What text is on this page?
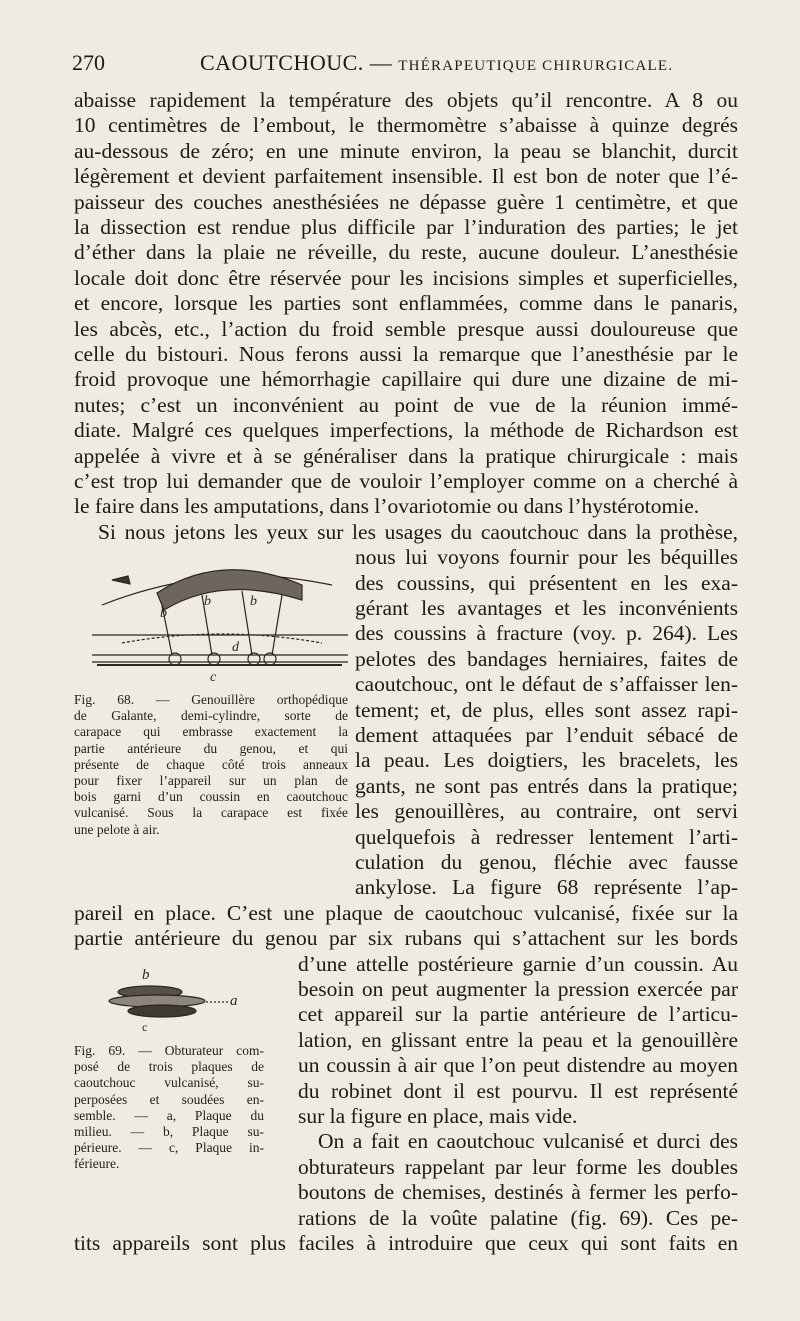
270	CAOUTCHOUC. — THÉRAPEUTIQUE CHIRURGICALE.
abaisse rapidement la température des objets qu’il rencontre. A 8 ou
10 centimètres de l’embout, le thermomètre s’abaisse à quinze degrés
au-dessous de zéro; en une minute environ, la peau se blanchit, durcit
légèrement et devient parfaitement insensible. Il est bon de noter que l’é-
paisseur des couches anesthésiées ne dépasse guère 1 centimètre, et que
la dissection est rendue plus difficile par l’induration des parties; le jet
d’éther dans la plaie ne réveille, du reste, aucune douleur. L’anesthésie
locale doit donc être réservée pour les incisions simples et superficielles,
et encore, lorsque les parties sont enflammées, comme dans le panaris,
les abcès, etc., l’action du froid semble presque aussi douloureuse que
celle du bistouri. Nous ferons aussi la remarque que l’anesthésie par le
froid provoque une hémorrhagie capillaire qui dure une dizaine de mi-
nutes; c’est un inconvénient au point de vue de la réunion immé-
diate. Malgré ces quelques imperfections, la méthode de Richardson est
appelée à vivre et à se généraliser dans la pratique chirurgicale : mais
c’est trop lui demander que de vouloir l’employer comme on a cherché à
le faire dans les amputations, dans l’ovariotomie ou dans l’hystérotomie.
Si nous jetons les yeux sur les usages du caoutchouc dans la prothèse,
nous lui voyons fournir pour les béquilles
des coussins, qui présentent en les exa-
gérant les avantages et les inconvénients
des coussins à fracture (voy. p. 264). Les
pelotes des bandages herniaires, faites de
caoutchouc, ont le défaut de s’affaisser len-
tement; et, de plus, elles sont assez rapi-
dement attaquées par l’enduit sébacé de
la peau. Les doigtiers, les bracelets, les
gants, ne sont pas entrés dans la pratique;
les genouillères, au contraire, ont servi
quelquefois à redresser lentement l’arti-
culation du genou, fléchie avec fausse
ankylose. La figure 68 représente l’ap-
pareil en place. C’est une plaque de caoutchouc vulcanisé, fixée sur la
partie antérieure du genou par six rubans qui s’attachent sur les bords
d’une attelle postérieure garnie d’un coussin. Au
besoin on peut augmenter la pression exercée par
cet appareil sur la partie antérieure de l’articu-
lation, en glissant entre la peau et la genouillère
un coussin à air que l’on peut distendre au moyen
du robinet dont il est pourvu. Il est représenté
sur la figure en place, mais vide.
On a fait en caoutchouc vulcanisé et durci des
obturateurs rappelant par leur forme les doubles
boutons de chemises, destinés à fermer les perfo-
rations de la voûte palatine (fig. 69). Ces pe-
tits appareils sont plus faciles à introduire que ceux qui sont faits en
b
b	b
d
c
Fig. 68. — Genouillère orthopédique
de Galante, demi-cylindre, sorte de
carapace qui embrasse exactement la
partie antérieure du genou, et qui
présente de chaque côté trois anneaux
pour fixer l’appareil sur un plan de
bois garni d’un coussin en caoutchouc
vulcanisé. Sous la carapace est fixée
une pelote à air.
b
a
c
Fig. 69. — Obturateur com-
posé de trois plaques de
caoutchouc vulcanisé, su-
perposées et soudées en-
semble. — a, Plaque du
milieu. — b, Plaque su-
périeure. — c, Plaque in-
férieure.
